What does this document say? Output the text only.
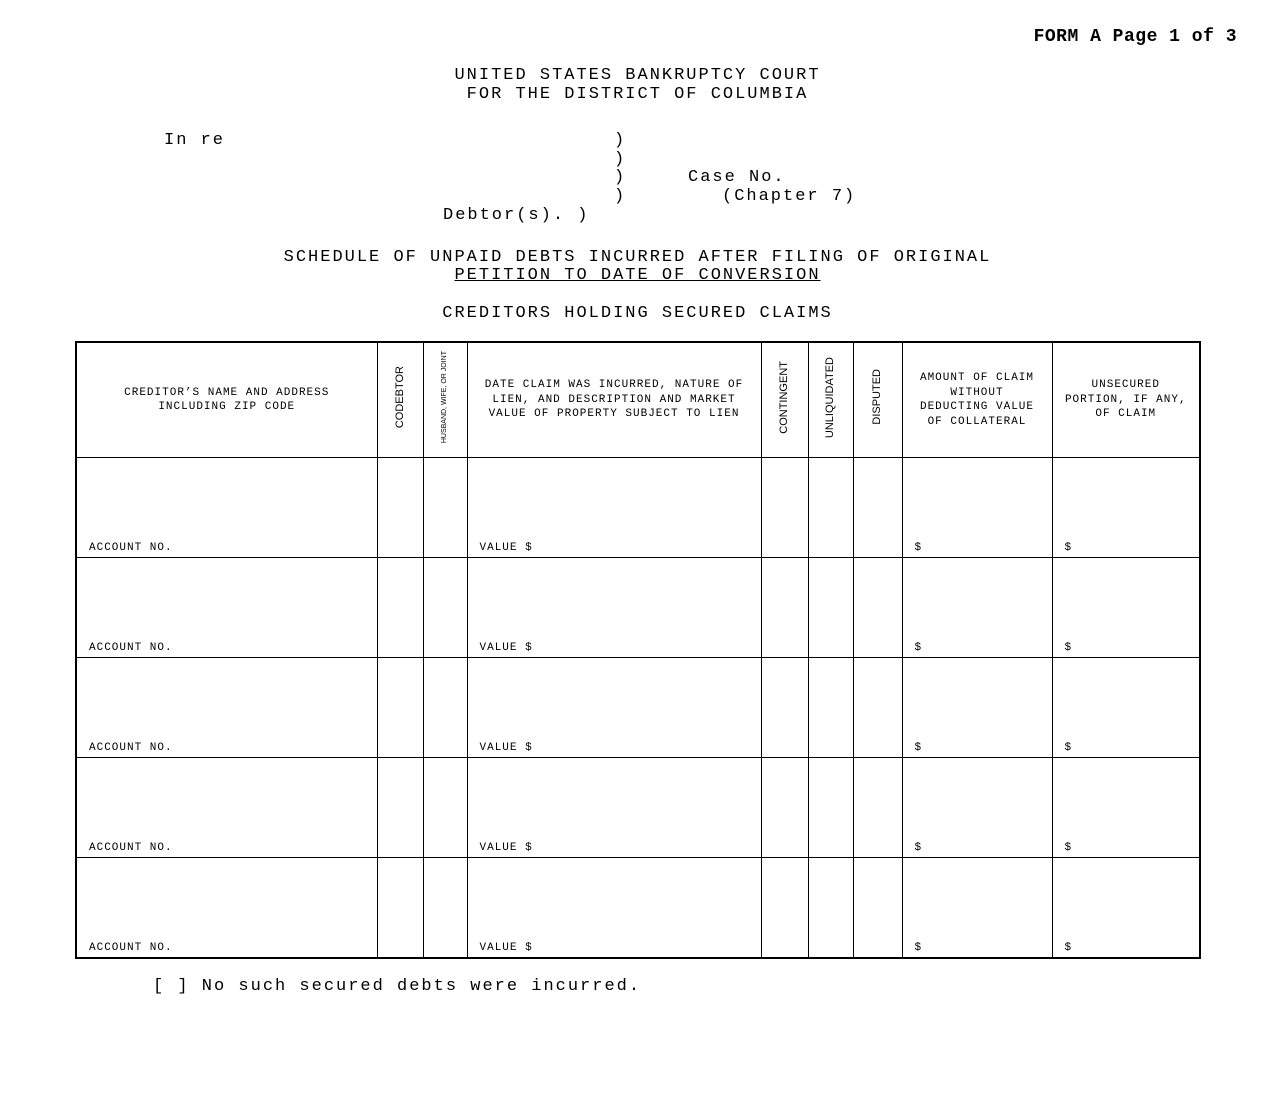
FORM A Page 1 of 3
UNITED STATES BANKRUPTCY COURT
FOR THE DISTRICT OF COLUMBIA
In re	)
)
)
)
Debtor(s). )
Case No.
(Chapter 7)
SCHEDULE OF UNPAID DEBTS INCURRED AFTER FILING OF ORIGINAL
PETITION TO DATE OF CONVERSION
CREDITORS HOLDING SECURED CLAIMS
CREDITOR’S NAME AND ADDRESS INCLUDING ZIP CODE	CODEBTOR	HUSBAND, WIFE, OR JOINT	DATE CLAIM WAS INCURRED, NATURE OF LIEN, AND DESCRIPTION AND MARKET VALUE OF PROPERTY SUBJECT TO LIEN	CONTINGENT	UNLIQUIDATED	DISPUTED	AMOUNT OF CLAIM WITHOUT DEDUCTING VALUE OF COLLATERAL	UNSECURED PORTION, IF ANY, OF CLAIM

ACCOUNT NO.			VALUE $				$	$

ACCOUNT NO.			VALUE $				$	$

ACCOUNT NO.			VALUE $				$	$

ACCOUNT NO.			VALUE $				$	$

ACCOUNT NO.			VALUE $				$	$
[ ] No such secured debts were incurred.
